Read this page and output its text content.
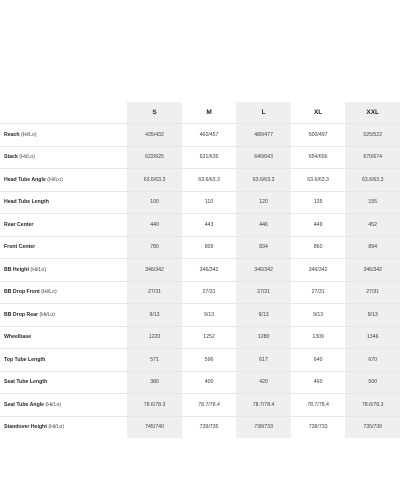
	S	M	L	XL	XXL
Reach (Hi/Lo)	435/432	460/457	480/477	500/497	525/522
Stack (Hi/Lo)	622/625	631/635	640/643	654/656	670/674
Head Tube Angle (Hi/Lo)	63.6/63.3	63.6/63.3	63.6/63.3	63.6/63.3	63.6/63.3
Head Tube Length	100	110	120	135	155
Rear Center	440	443	446	449	452
Front Center	780	809	834	860	894
BB Height (Hi/Lo)	346/342	346/342	346/342	346/342	346/342
BB Drop Front (Hi/Lo)	27/31	27/31	27/31	27/31	27/31
BB Drop Rear (Hi/Lo)	9/13	9/13	9/13	9/13	9/13
Wheelbase	1220	1252	1280	1309	1346
Top Tube Length	571	596	617	640	670
Seat Tube Length	380	400	420	460	500
Seat Tube Angle (Hi/Lo)	78.6/78.3	78.7/78.4	78.7/78.4	78.7/78.4	78.6/78.3
Standover Height (Hi/Lo)	745/740	739/735	738/733	738/733	735/730
